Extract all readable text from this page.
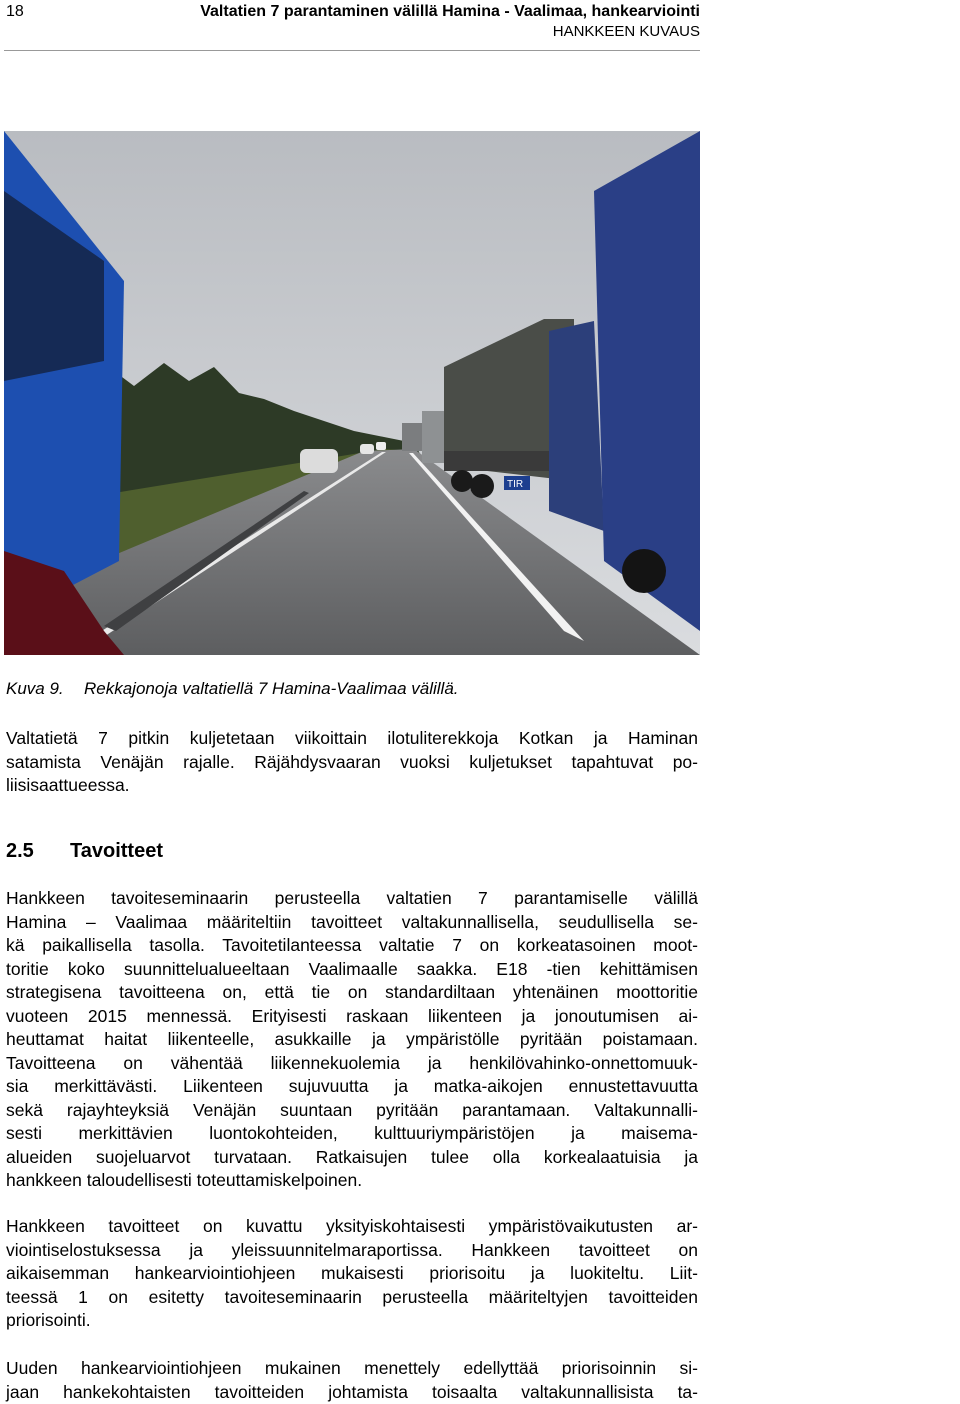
18	Valtatien 7 parantaminen välillä Hamina - Vaalimaa, hankearviointi
HANKKEEN KUVAUS
TIR
Kuva 9. Rekkajonoja valtatiellä 7 Hamina-Vaalimaa välillä.
Valtatietä 7 pitkin kuljetetaan viikoittain ilotuliterekkoja Kotkan ja Haminan
satamista Venäjän rajalle. Räjähdysvaaran vuoksi kuljetukset tapahtuvat po-
liisisaattueessa.
2.5 Tavoitteet
Hankkeen tavoiteseminaarin perusteella valtatien 7 parantamiselle välillä
Hamina – Vaalimaa määriteltiin tavoitteet valtakunnallisella, seudullisella se-
kä paikallisella tasolla. Tavoitetilanteessa valtatie 7 on korkeatasoinen moot-
toritie koko suunnittelualueeltaan Vaalimaalle saakka. E18 -tien kehittämisen
strategisena tavoitteena on, että tie on standardiltaan yhtenäinen moottoritie
vuoteen 2015 mennessä. Erityisesti raskaan liikenteen ja jonoutumisen ai-
heuttamat haitat liikenteelle, asukkaille ja ympäristölle pyritään poistamaan.
Tavoitteena on vähentää liikennekuolemia ja henkilövahinko-onnettomuuk-
sia merkittävästi. Liikenteen sujuvuutta ja matka-aikojen ennustettavuutta
sekä rajayhteyksiä Venäjän suuntaan pyritään parantamaan. Valtakunnalli-
sesti merkittävien luontokohteiden, kulttuuriympäristöjen ja maisema-
alueiden suojeluarvot turvataan. Ratkaisujen tulee olla korkealaatuisia ja
hankkeen taloudellisesti toteuttamiskelpoinen.
Hankkeen tavoitteet on kuvattu yksityiskohtaisesti ympäristövaikutusten ar-
viointiselostuksessa ja yleissuunnitelmaraportissa. Hankkeen tavoitteet on
aikaisemman hankearviointiohjeen mukaisesti priorisoitu ja luokiteltu. Liit-
teessä 1 on esitetty tavoiteseminaarin perusteella määriteltyjen tavoitteiden
priorisointi.
Uuden hankearviointiohjeen mukainen menettely edellyttää priorisoinnin si-
jaan hankekohtaisten tavoitteiden johtamista toisaalta valtakunnallisista ta-
